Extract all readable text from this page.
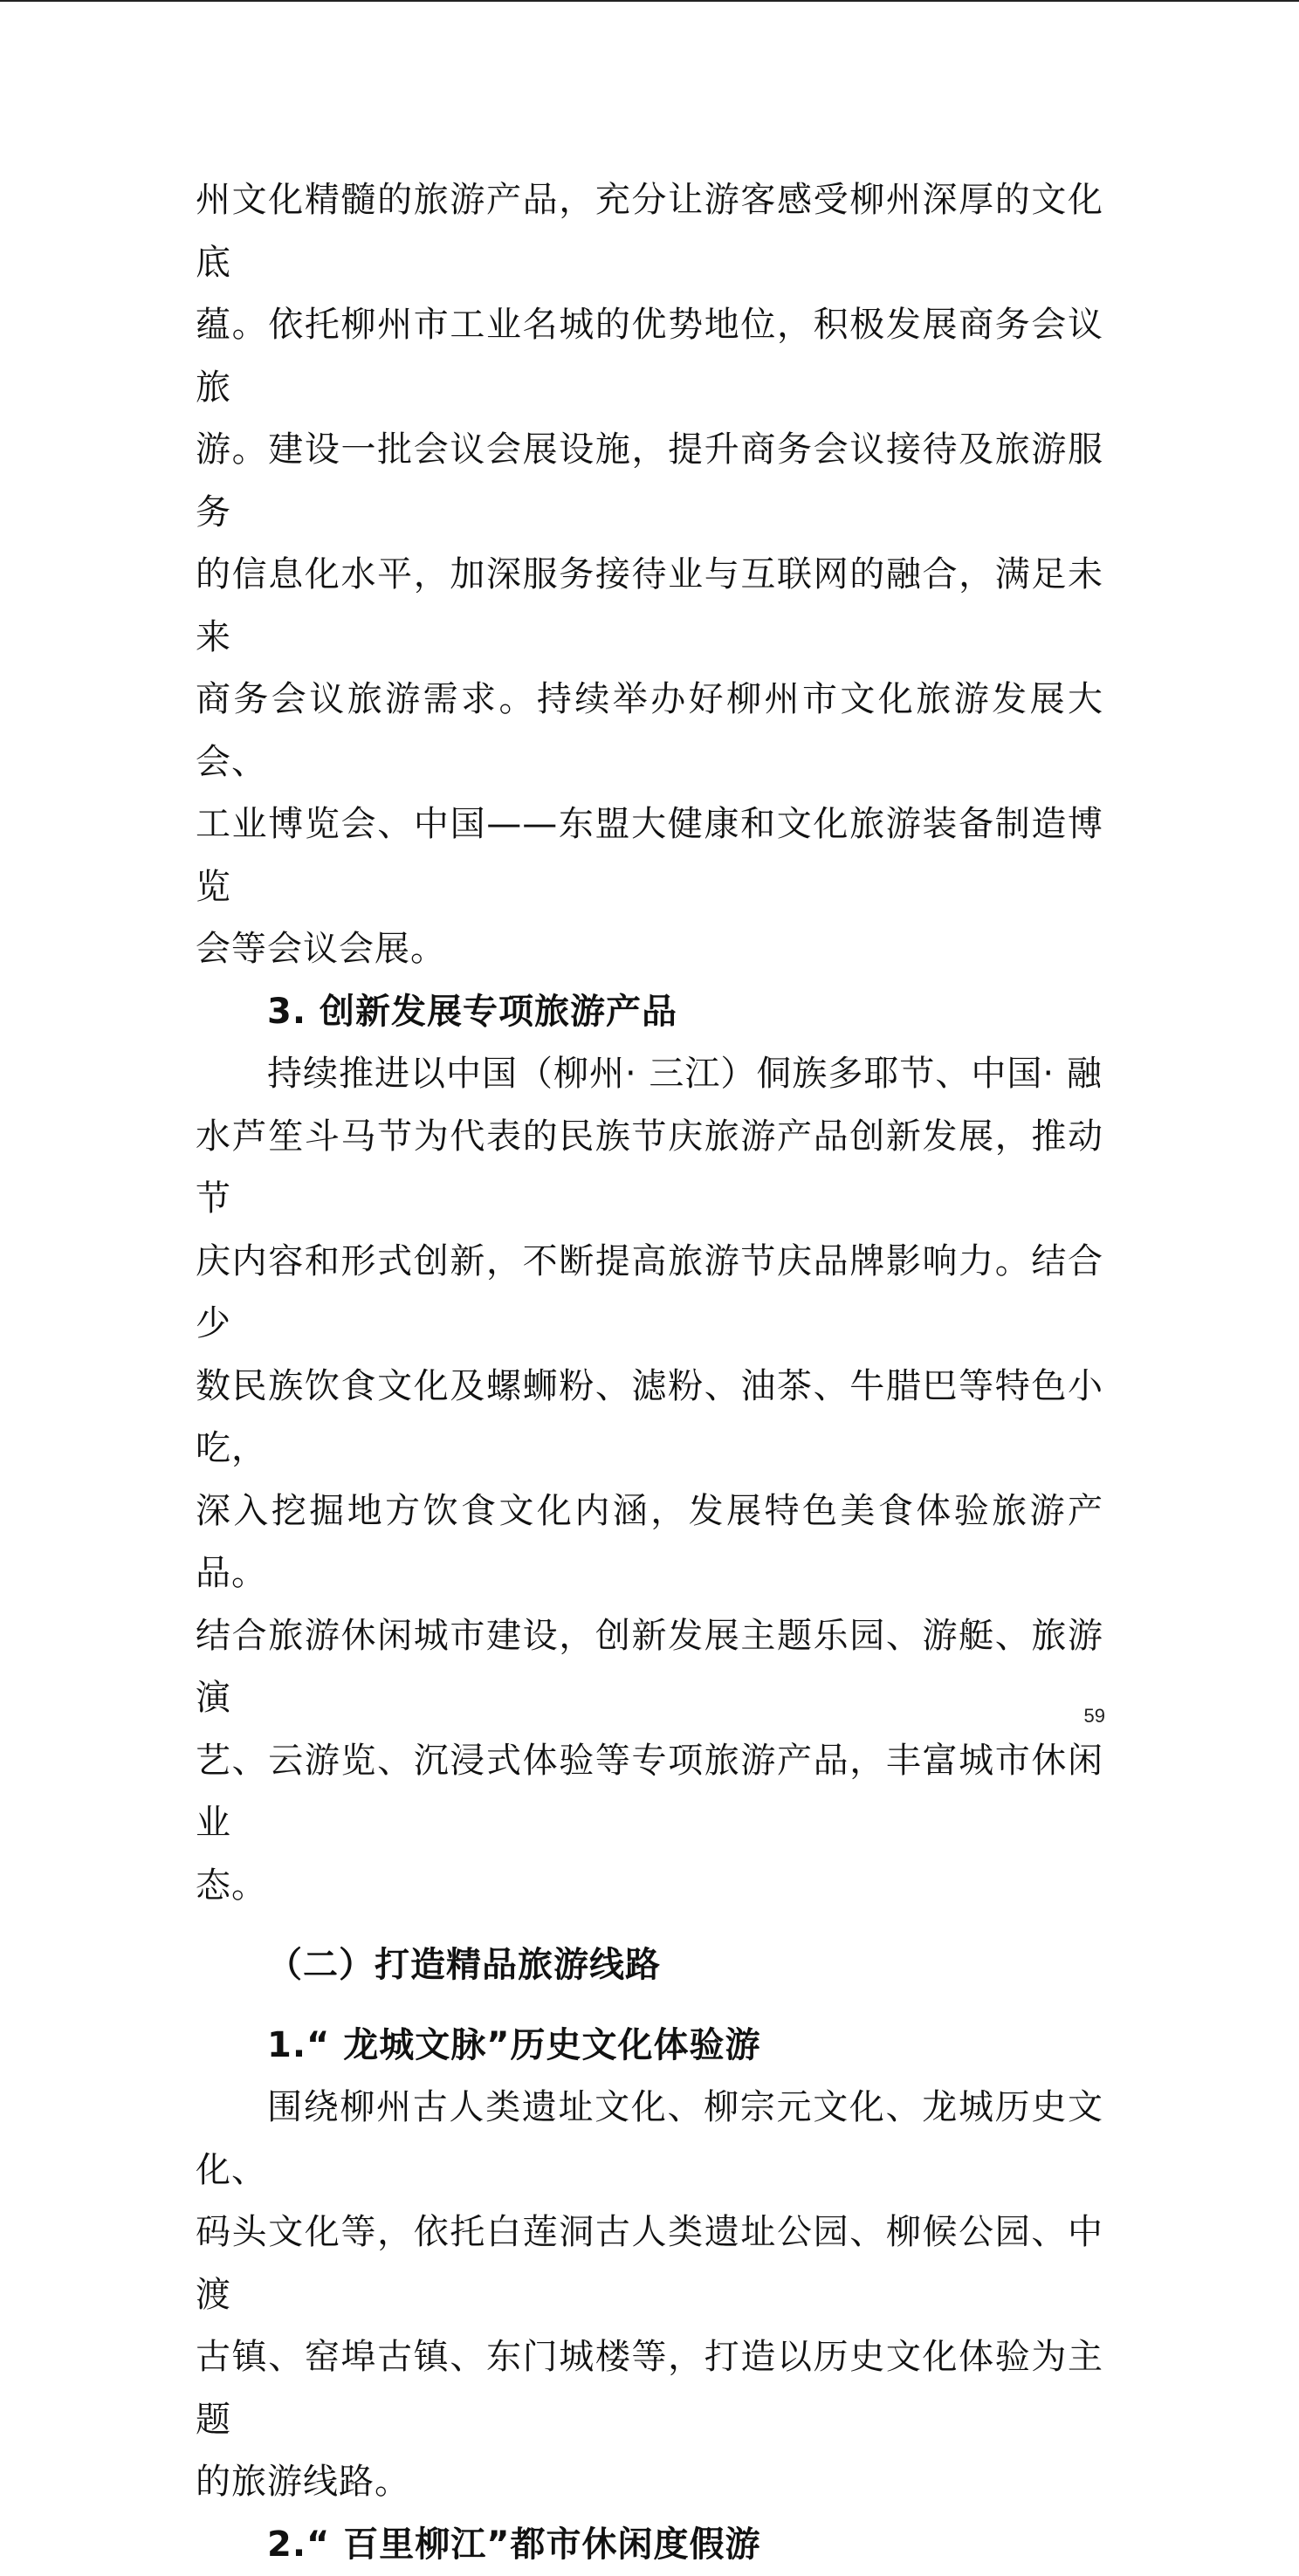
州文化精髓的旅游产品，充分让游客感受柳州深厚的文化底
蕴。依托柳州市工业名城的优势地位，积极发展商务会议旅
游。建设一批会议会展设施，提升商务会议接待及旅游服务
的信息化水平，加深服务接待业与互联网的融合，满足未来
商务会议旅游需求。持续举办好柳州市文化旅游发展大会、
工业博览会、中国——东盟大健康和文化旅游装备制造博览
会等会议会展。

3. 创新发展专项旅游产品

持续推进以中国（柳州· 三江）侗族多耶节、中国· 融
水芦笙斗马节为代表的民族节庆旅游产品创新发展，推动节
庆内容和形式创新，不断提高旅游节庆品牌影响力。结合少
数民族饮食文化及螺蛳粉、滤粉、油茶、牛腊巴等特色小吃，
深入挖掘地方饮食文化内涵，发展特色美食体验旅游产品。
结合旅游休闲城市建设，创新发展主题乐园、游艇、旅游演
艺、云游览、沉浸式体验等专项旅游产品，丰富城市休闲业
态。

（二）打造精品旅游线路
1.“ 龙城文脉”历史文化体验游

围绕柳州古人类遗址文化、柳宗元文化、龙城历史文化、
码头文化等，依托白莲洞古人类遗址公园、柳候公园、中渡
古镇、窑埠古镇、东门城楼等，打造以历史文化体验为主题
的旅游线路。

2.“ 百里柳江”都市休闲度假游
59
